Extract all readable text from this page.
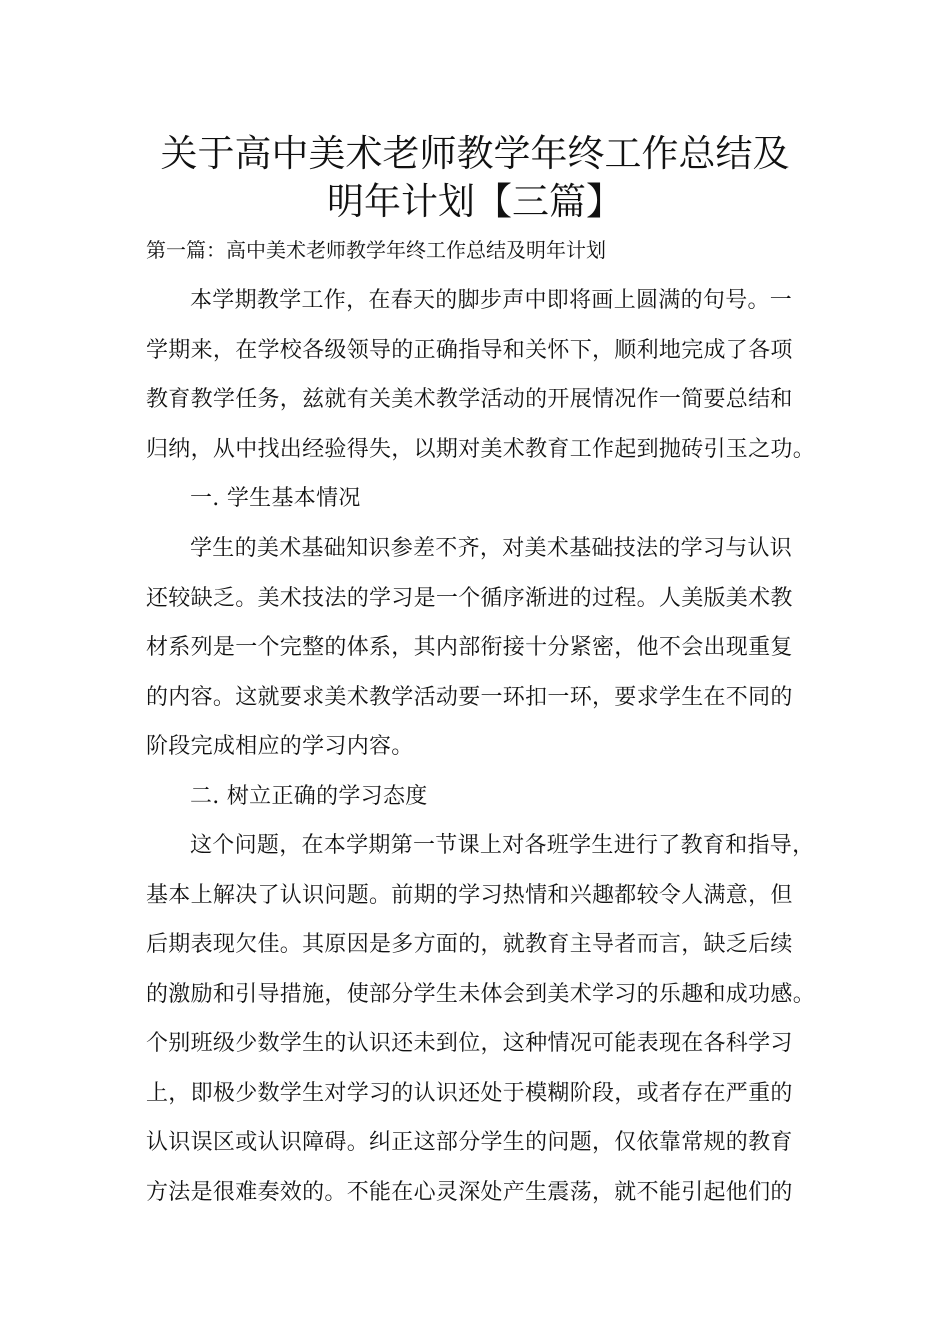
关于高中美术老师教学年终工作总结及
明年计划【三篇】
第一篇：高中美术老师教学年终工作总结及明年计划
本学期教学工作，在春天的脚步声中即将画上圆满的句号。一
学期来，在学校各级领导的正确指导和关怀下，顺利地完成了各项
教育教学任务，兹就有关美术教学活动的开展情况作一简要总结和
归纳，从中找出经验得失，以期对美术教育工作起到抛砖引玉之功。
一. 学生基本情况
学生的美术基础知识参差不齐，对美术基础技法的学习与认识
还较缺乏。美术技法的学习是一个循序渐进的过程。人美版美术教
材系列是一个完整的体系，其内部衔接十分紧密，他不会出现重复
的内容。这就要求美术教学活动要一环扣一环，要求学生在不同的
阶段完成相应的学习内容。
二. 树立正确的学习态度
这个问题，在本学期第一节课上对各班学生进行了教育和指导，
基本上解决了认识问题。前期的学习热情和兴趣都较令人满意，但
后期表现欠佳。其原因是多方面的，就教育主导者而言，缺乏后续
的激励和引导措施，使部分学生未体会到美术学习的乐趣和成功感。
个别班级少数学生的认识还未到位，这种情况可能表现在各科学习
上，即极少数学生对学习的认识还处于模糊阶段，或者存在严重的
认识误区或认识障碍。纠正这部分学生的问题，仅依靠常规的教育
方法是很难奏效的。不能在心灵深处产生震荡，就不能引起他们的
